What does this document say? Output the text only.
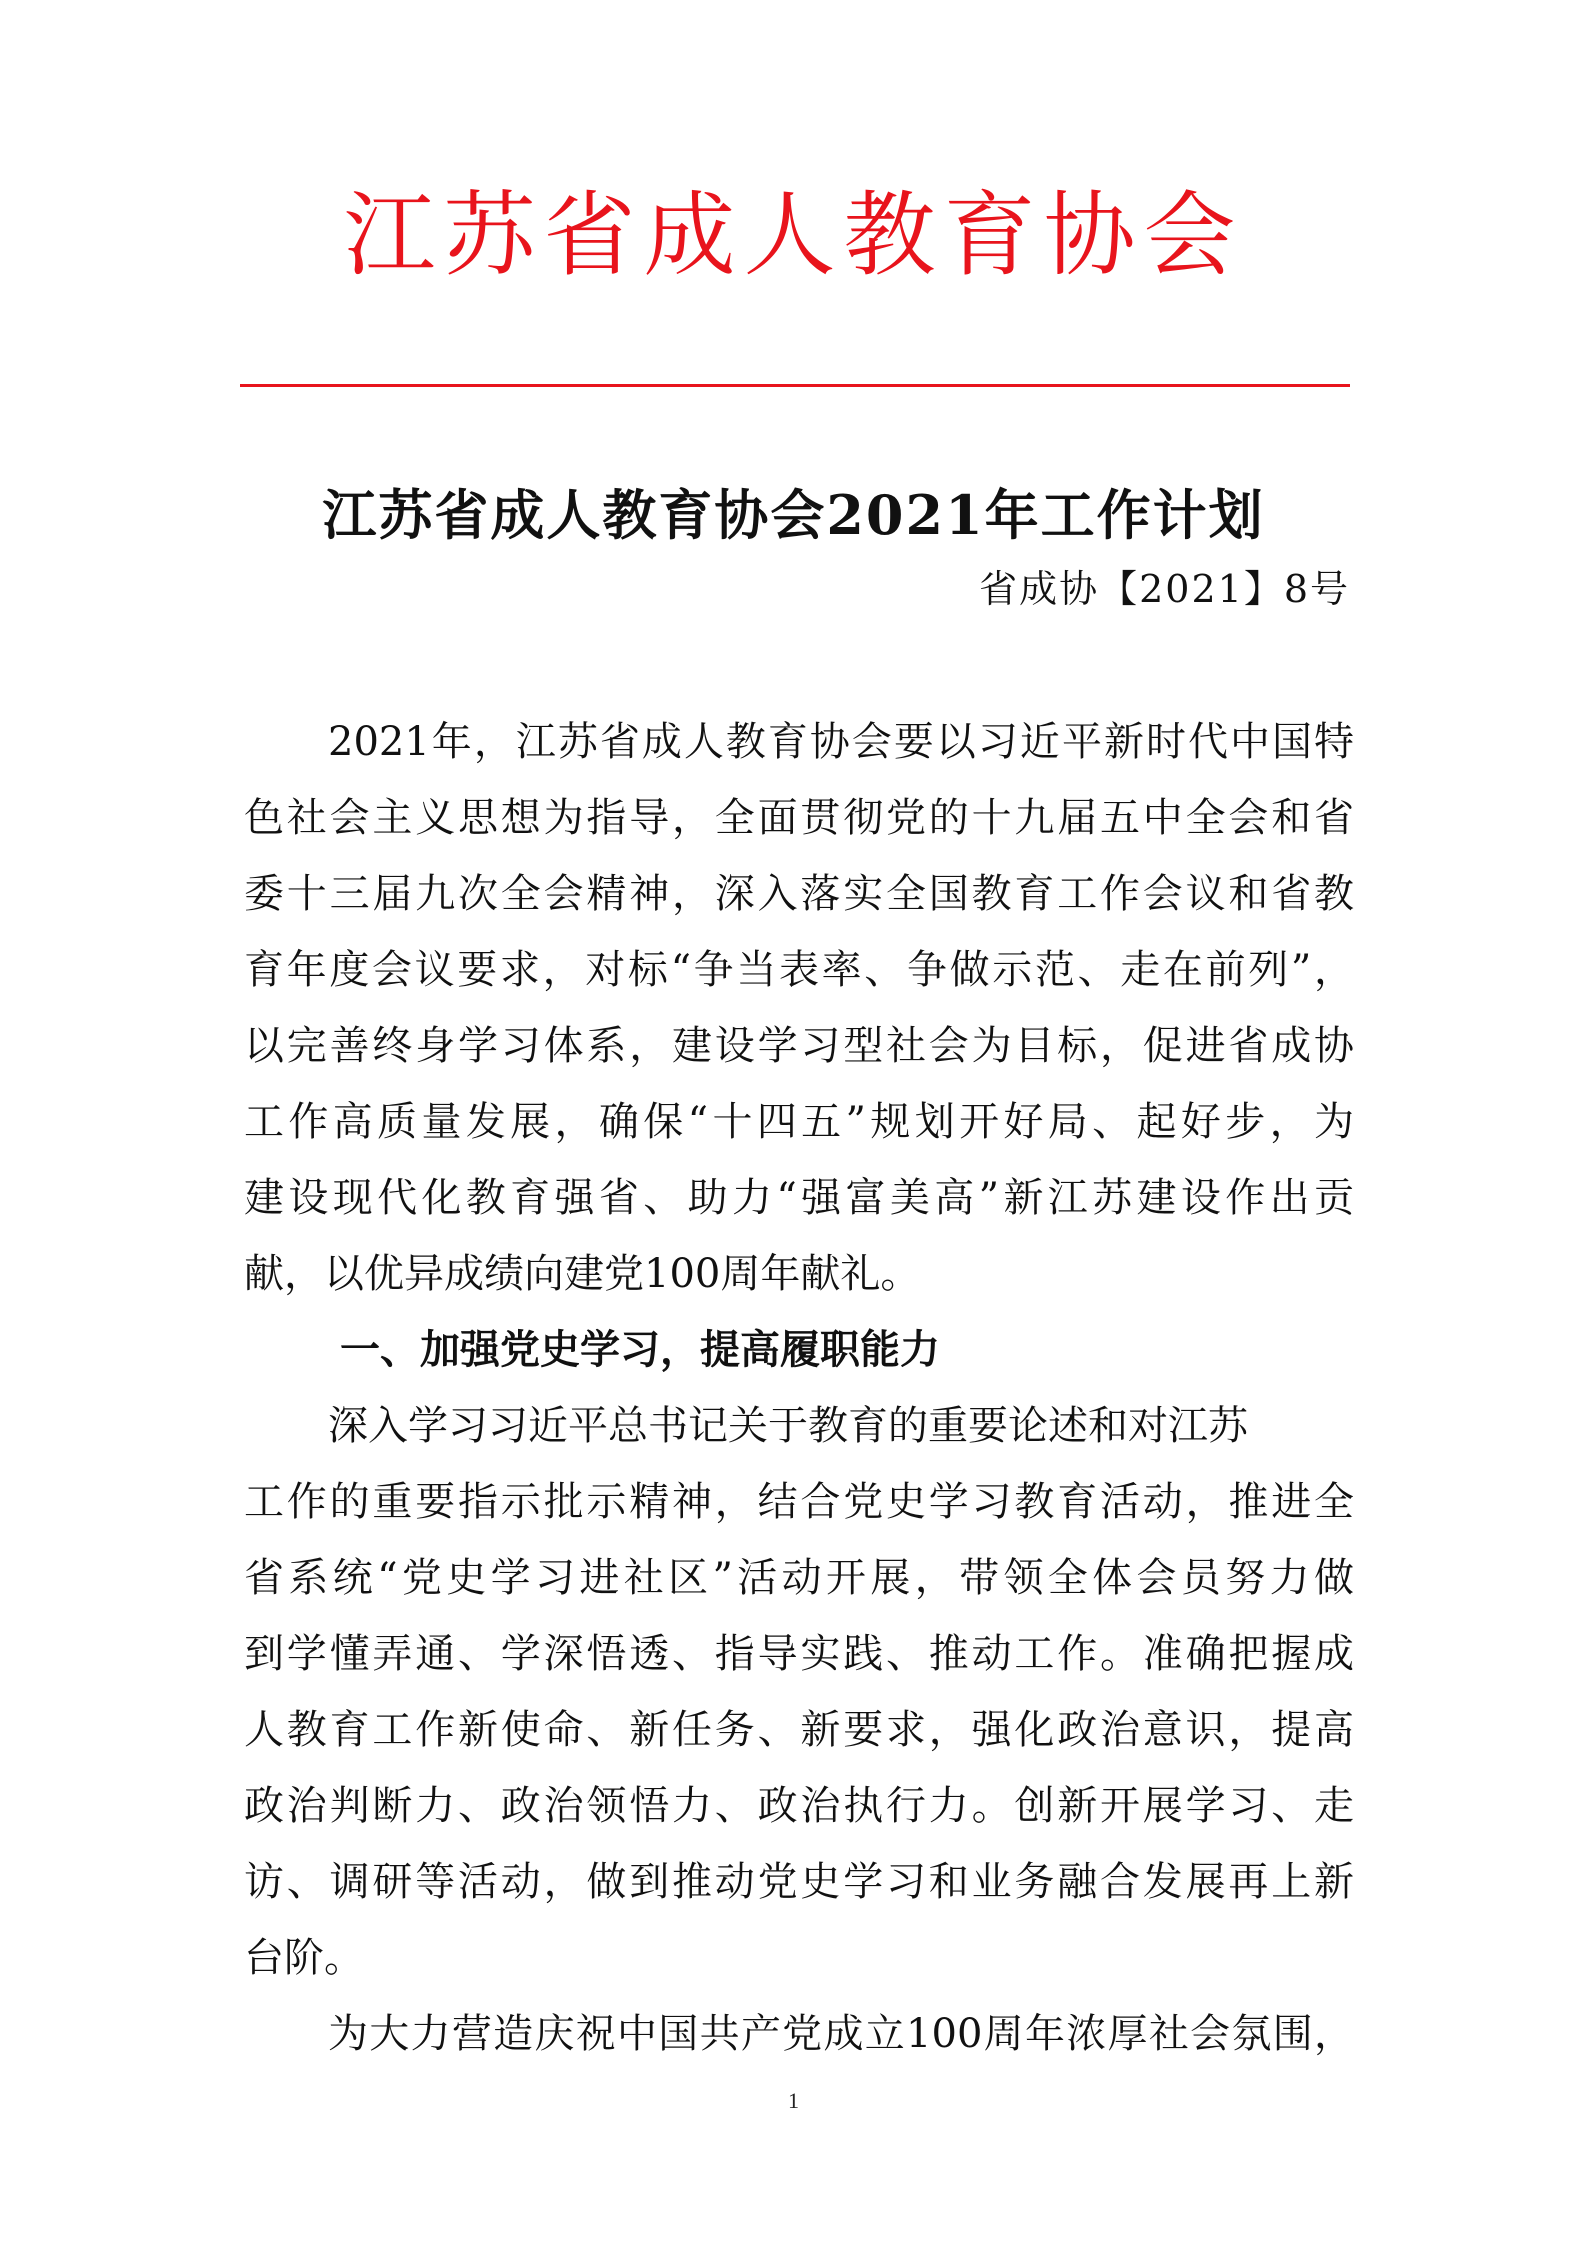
江苏省成人教育协会
江苏省成人教育协会2021年工作计划
省成协【2021】8号
2021年，江苏省成人教育协会要以习近平新时代中国特
色社会主义思想为指导，全面贯彻党的十九届五中全会和省
委十三届九次全会精神，深入落实全国教育工作会议和省教
育年度会议要求，对标“争当表率、争做示范、走在前列”，
以完善终身学习体系，建设学习型社会为目标，促进省成协
工作高质量发展，确保“十四五”规划开好局、起好步，为
建设现代化教育强省、助力“强富美高”新江苏建设作出贡
献，以优异成绩向建党100周年献礼。
一、加强党史学习，提高履职能力
深入学习习近平总书记关于教育的重要论述和对江苏
工作的重要指示批示精神，结合党史学习教育活动，推进全
省系统“党史学习进社区”活动开展，带领全体会员努力做
到学懂弄通、学深悟透、指导实践、推动工作。准确把握成
人教育工作新使命、新任务、新要求，强化政治意识，提高
政治判断力、政治领悟力、政治执行力。创新开展学习、走
访、调研等活动，做到推动党史学习和业务融合发展再上新
台阶。
为大力营造庆祝中国共产党成立100周年浓厚社会氛围，
1
